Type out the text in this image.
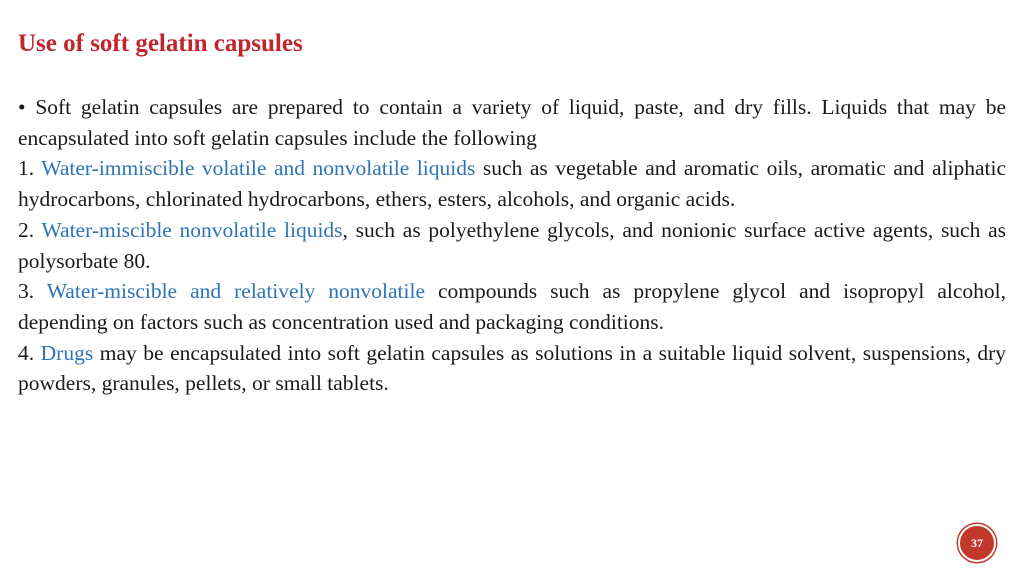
Use of soft gelatin capsules

• Soft gelatin capsules are prepared to contain a variety of liquid, paste, and dry fills. Liquids that may be encapsulated into soft gelatin capsules include the following

1. Water-immiscible volatile and nonvolatile liquids such as vegetable and aromatic oils, aromatic and aliphatic hydrocarbons, chlorinated hydrocarbons, ethers, esters, alcohols, and organic acids.

2. Water-miscible nonvolatile liquids, such as polyethylene glycols, and nonionic surface active agents, such as polysorbate 80.

3. Water-miscible and relatively nonvolatile compounds such as propylene glycol and isopropyl alcohol, depending on factors such as concentration used and packaging conditions.

4. Drugs may be encapsulated into soft gelatin capsules as solutions in a suitable liquid solvent, suspensions, dry powders, granules, pellets, or small tablets.

37
